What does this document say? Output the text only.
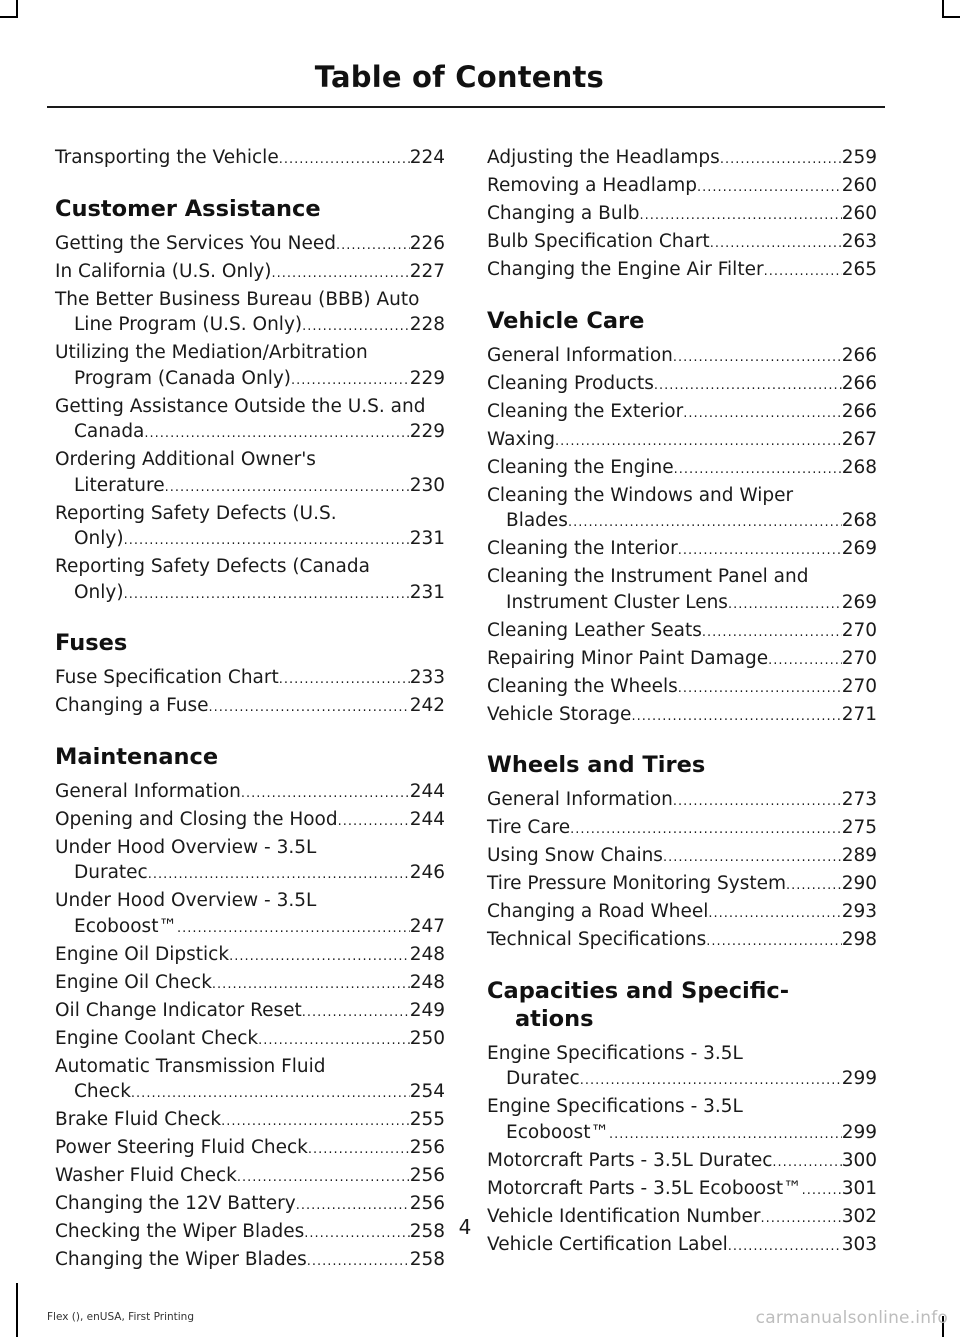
Table of Contents
Transporting the Vehicle .....	224
Customer Assistance
Getting the Services You Need .....	226
In California (U.S. Only) .....	227
The Better Business Bureau (BBB) Auto
Line Program (U.S. Only) .....	228
Utilizing the Mediation/Arbitration
Program (Canada Only) .....	229
Getting Assistance Outside the U.S. and
Canada .....	229
Ordering Additional Owner's
Literature .....	230
Reporting Safety Defects (U.S.
Only) .....	231
Reporting Safety Defects (Canada
Only) .....	231
Fuses
Fuse Specification Chart .....	233
Changing a Fuse .....	242
Maintenance
General Information .....	244
Opening and Closing the Hood .....	244
Under Hood Overview - 3.5L
Duratec .....	246
Under Hood Overview - 3.5L
Ecoboost™ .....	247
Engine Oil Dipstick .....	248
Engine Oil Check .....	248
Oil Change Indicator Reset .....	249
Engine Coolant Check .....	250
Automatic Transmission Fluid
Check .....	254
Brake Fluid Check .....	255
Power Steering Fluid Check .....	256
Washer Fluid Check .....	256
Changing the 12V Battery .....	256
Checking the Wiper Blades .....	258
Changing the Wiper Blades .....	258
Adjusting the Headlamps .....	259
Removing a Headlamp .....	260
Changing a Bulb .....	260
Bulb Specification Chart .....	263
Changing the Engine Air Filter .....	265
Vehicle Care
General Information .....	266
Cleaning Products .....	266
Cleaning the Exterior .....	266
Waxing .....	267
Cleaning the Engine .....	268
Cleaning the Windows and Wiper
Blades .....	268
Cleaning the Interior .....	269
Cleaning the Instrument Panel and
Instrument Cluster Lens .....	269
Cleaning Leather Seats .....	270
Repairing Minor Paint Damage .....	270
Cleaning the Wheels .....	270
Vehicle Storage .....	271
Wheels and Tires
General Information .....	273
Tire Care .....	275
Using Snow Chains .....	289
Tire Pressure Monitoring System .....	290
Changing a Road Wheel .....	293
Technical Specifications .....	298
Capacities and Specific-

ations
Engine Specifications - 3.5L
Duratec .....	299
Engine Specifications - 3.5L
Ecoboost™ .....	299
Motorcraft Parts - 3.5L Duratec .....	300
Motorcraft Parts - 3.5L Ecoboost™ ..... 301
Vehicle Identification Number .....	302
Vehicle Certification Label .....	303
4
Flex (), enUSA, First Printing	carmanualsonline.info
